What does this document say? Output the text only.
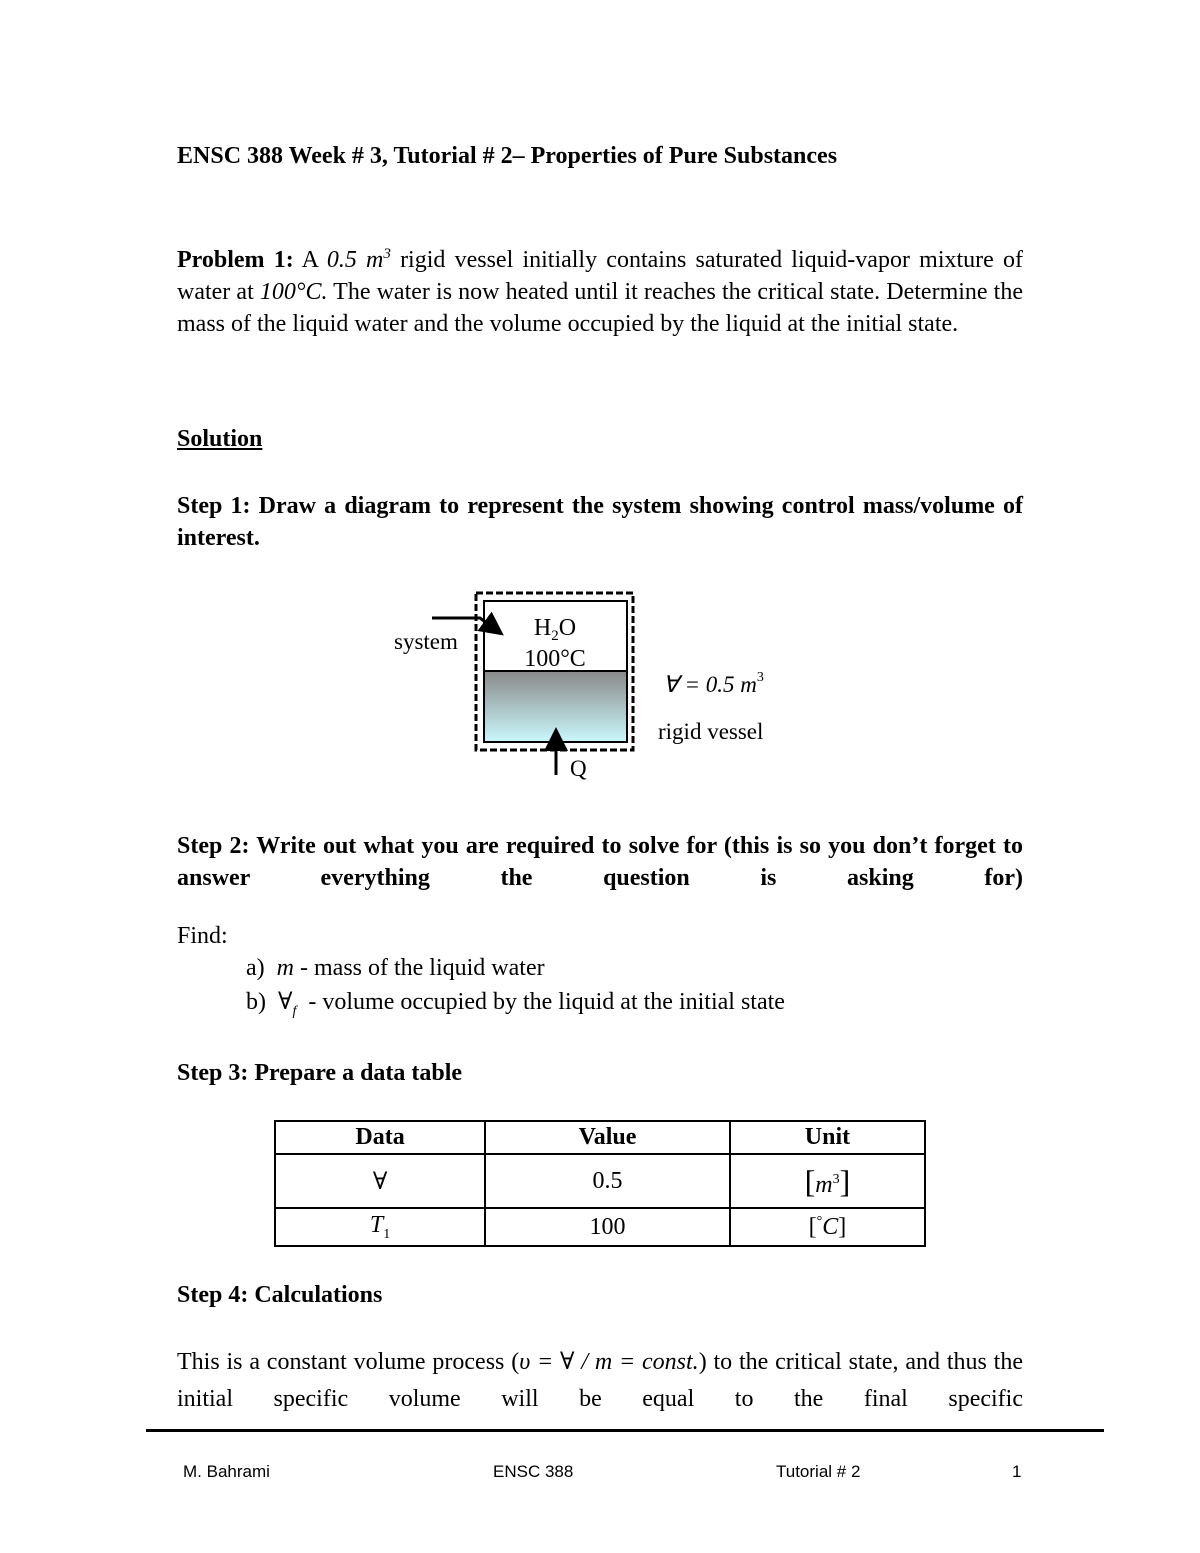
ENSC 388 Week # 3, Tutorial # 2– Properties of Pure Substances
Problem 1: A 0.5 $m^3$ rigid vessel initially contains saturated liquid-vapor mixture of water at 100°C. The water is now heated until it reaches the critical state. Determine the mass of the liquid water and the volume occupied by the liquid at the initial state.
Solution
Step 1: Draw a diagram to represent the system showing control mass/volume of interest.
system
$H_2O$
100°C
∀ = 0.5 $m^3$
rigid vessel
Q
Step 2: Write out what you are required to solve for (this is so you don’t forget to answer everything the question is asking for)
Find:
a) m - mass of the liquid water
b) $\forall_f$ - volume occupied by the liquid at the initial state
Step 3: Prepare a data table
Data	Value	Unit
∀	0.5	$[m^3]$
$T_1$	100	[°C]
Step 4: Calculations
This is a constant volume process (υ = ∀ / m = const.) to the critical state, and thus the initial specific volume will be equal to the final specific
M. Bahrami	ENSC 388	Tutorial # 2	1
